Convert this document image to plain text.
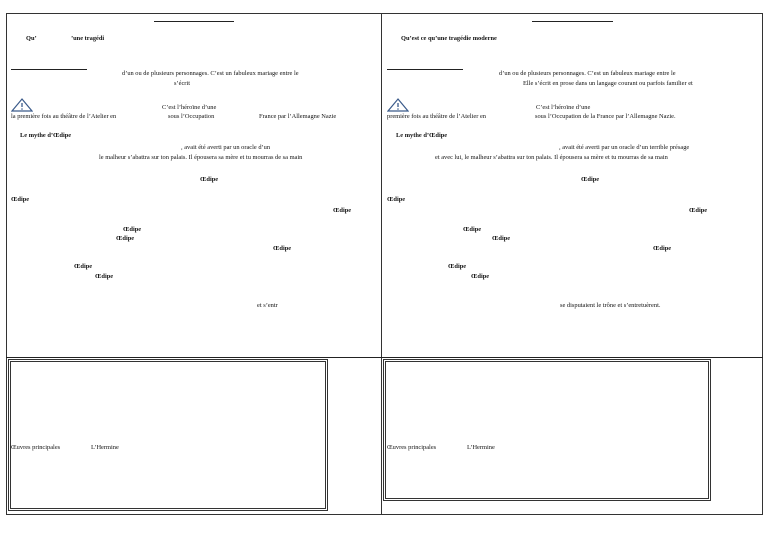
Qu’	’une tragédi
d’un ou de plusieurs personnages. C’est un fabuleux mariage entre le
s’écrit
C’est l’héroïne d’une
la première fois au théâtre de l’Atelier en	sous l’Occupation	France par l’Allemagne Nazie
Le mythe d’Œdipe
, avait été averti par un oracle d’un
le malheur s’abattra sur ton palais. Il épousera sa mère et tu mourras de sa main
Œdipe
Œdipe
Œdipe
Œdipe
Œdipe
Œdipe
Œdipe
Œdipe
et s’entr
Œuvres principales	L’Hermine
Qu’est ce qu’une tragédie moderne
d’un ou de plusieurs personnages. C’est un fabuleux mariage entre le
Elle s’écrit en prose dans un langage courant ou parfois familier et
C’est l’héroïne d’une
première fois au théâtre de l’Atelier en	sous l’Occupation de la France par l’Allemagne Nazie.
Le mythe d’Œdipe
, avait été averti par un oracle d’un terrible présage
et avec lui, le malheur s’abattra sur ton palais. Il épousera sa mère et tu mourras de sa main
Œdipe
Œdipe
Œdipe
Œdipe
Œdipe
Œdipe
Œdipe
Œdipe
se disputaient le trône et s’entretuèrent.
Œuvres principales	L’Hermine
